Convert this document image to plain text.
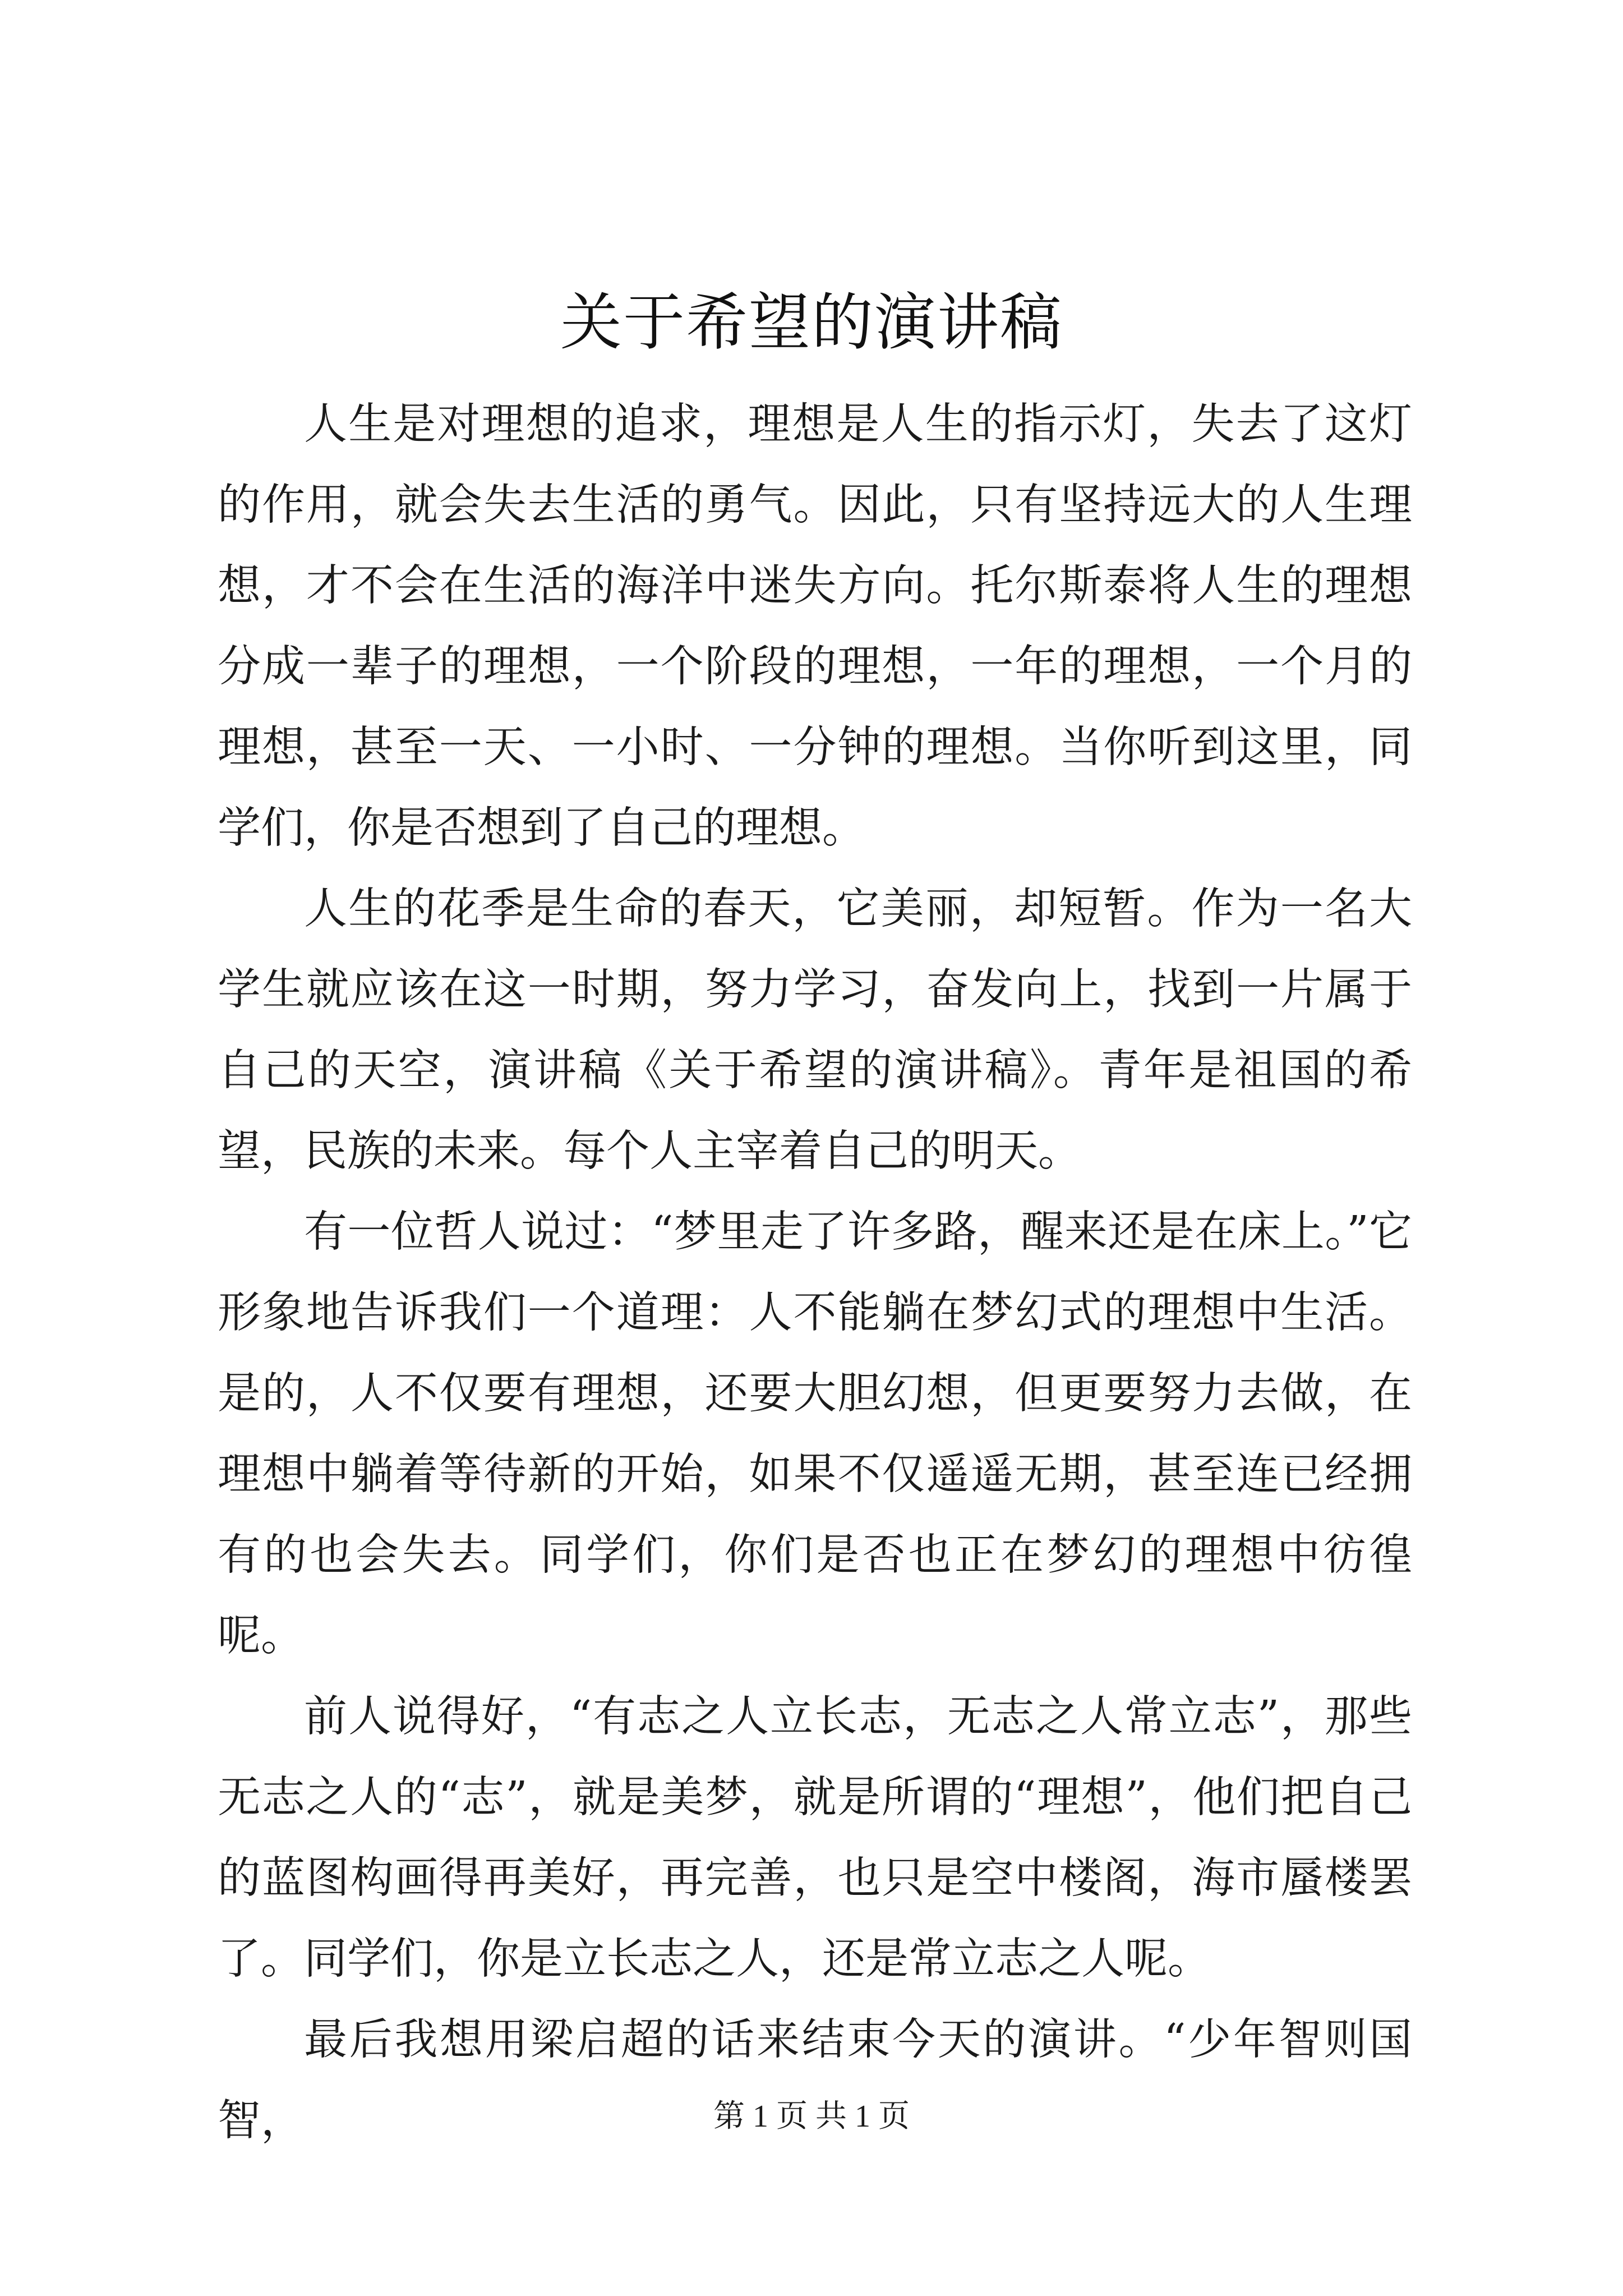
关于希望的演讲稿

人生是对理想的追求，理想是人生的指示灯，失去了这灯的作用，就会失去生活的勇气。因此，只有坚持远大的人生理想，才不会在生活的海洋中迷失方向。托尔斯泰将人生的理想分成一辈子的理想，一个阶段的理想，一年的理想，一个月的理想，甚至一天、一小时、一分钟的理想。当你听到这里，同学们，你是否想到了自己的理想。

人生的花季是生命的春天，它美丽，却短暂。作为一名大学生就应该在这一时期，努力学习，奋发向上，找到一片属于自己的天空，演讲稿《关于希望的演讲稿》。青年是祖国的希望，民族的未来。每个人主宰着自己的明天。

有一位哲人说过：“梦里走了许多路，醒来还是在床上。”它形象地告诉我们一个道理：人不能躺在梦幻式的理想中生活。是的，人不仅要有理想，还要大胆幻想，但更要努力去做，在理想中躺着等待新的开始，如果不仅遥遥无期，甚至连已经拥有的也会失去。同学们，你们是否也正在梦幻的理想中彷徨呢。

前人说得好，“有志之人立长志，无志之人常立志”，那些无志之人的“志”，就是美梦，就是所谓的“理想”，他们把自己的蓝图构画得再美好，再完善，也只是空中楼阁，海市蜃楼罢了。同学们，你是立长志之人，还是常立志之人呢。

最后我想用梁启超的话来结束今天的演讲。“少年智则国智，	第 1 页 共 1 页
